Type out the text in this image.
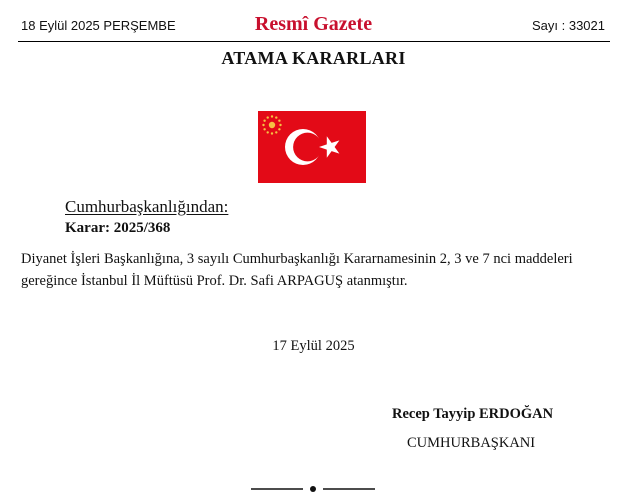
18 Eylül 2025 PERŞEMBE	Resmî Gazete	Sayı : 33021
ATAMA KARARLARI
Cumhurbaşkanlığından:
Karar: 2025/368

Diyanet İşleri Başkanlığına, 3 sayılı Cumhurbaşkanlığı Kararnamesinin 2, 3 ve 7 nci maddeleri
gereğince İstanbul İl Müftüsü Prof. Dr. Safi ARPAGUŞ atanmıştır.

17 Eylül 2025
Recep Tayyip ERDOĞAN
CUMHURBAŞKANI
